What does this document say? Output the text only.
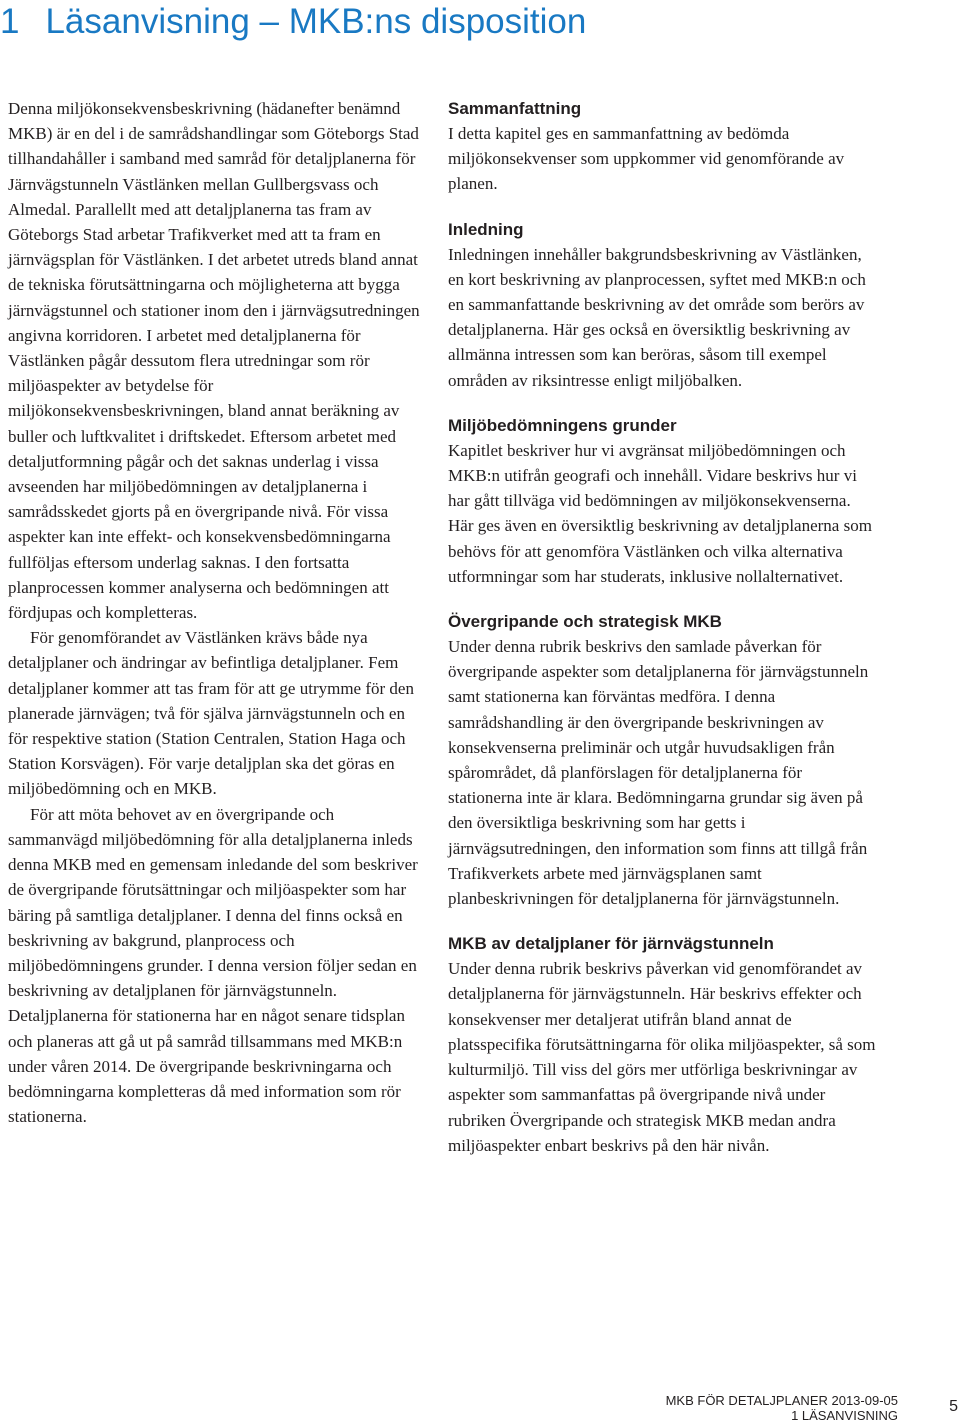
1 Läsanvisning – MKB:ns disposition

Denna miljökonsekvensbeskrivning (hädanefter benämnd MKB) är en del i de samrådshandlingar som Göteborgs Stad tillhandahåller i samband med samråd för detaljplanerna för Järnvägstunneln Västlänken mellan Gullbergsvass och Almedal. Parallellt med att detaljplanerna tas fram av Göteborgs Stad arbetar Trafikverket med att ta fram en järnvägsplan för Västlänken. I det arbetet utreds bland annat de tekniska förutsättningarna och möjligheterna att bygga järnvägstunnel och stationer inom den i järnvägsutredningen angivna korridoren. I arbetet med detaljplanerna för Västlänken pågår dessutom flera utredningar som rör miljöaspekter av betydelse för miljökonsekvensbeskrivningen, bland annat beräkning av buller och luftkvalitet i driftskedet. Eftersom arbetet med detaljutformning pågår och det saknas underlag i vissa avseenden har miljöbedömningen av detaljplanerna i samrådsskedet gjorts på en övergripande nivå. För vissa aspekter kan inte effekt- och konsekvensbedömningarna fullföljas eftersom underlag saknas. I den fortsatta planprocessen kommer analyserna och bedömningen att fördjupas och kompletteras.

För genomförandet av Västlänken krävs både nya detaljplaner och ändringar av befintliga detaljplaner. Fem detaljplaner kommer att tas fram för att ge utrymme för den planerade järnvägen; två för själva järnvägstunneln och en för respektive station (Station Centralen, Station Haga och Station Korsvägen). För varje detaljplan ska det göras en miljöbedömning och en MKB.

För att möta behovet av en övergripande och sammanvägd miljöbedömning för alla detaljplanerna inleds denna MKB med en gemensam inledande del som beskriver de övergripande förutsättningar och miljöaspekter som har bäring på samtliga detaljplaner. I denna del finns också en beskrivning av bakgrund, planprocess och miljöbedömningens grunder. I denna version följer sedan en beskrivning av detaljplanen för järnvägstunneln. Detaljplanerna för stationerna har en något senare tidsplan och planeras att gå ut på samråd tillsammans med MKB:n under våren 2014. De övergripande beskrivningarna och bedömningarna kompletteras då med information som rör stationerna.

Sammanfattning

I detta kapitel ges en sammanfattning av bedömda miljökonsekvenser som uppkommer vid genomförande av planen.

Inledning

Inledningen innehåller bakgrundsbeskrivning av Västlänken, en kort beskrivning av planprocessen, syftet med MKB:n och en sammanfattande beskrivning av det område som berörs av detaljplanerna. Här ges också en översiktlig beskrivning av allmänna intressen som kan beröras, såsom till exempel områden av riksintresse enligt miljöbalken.

Miljöbedömningens grunder

Kapitlet beskriver hur vi avgränsat miljöbedömningen och MKB:n utifrån geografi och innehåll. Vidare beskrivs hur vi har gått tillväga vid bedömningen av miljökonsekvenserna. Här ges även en översiktlig beskrivning av detaljplanerna som behövs för att genomföra Västlänken och vilka alternativa utformningar som har studerats, inklusive nollalternativet.

Övergripande och strategisk MKB

Under denna rubrik beskrivs den samlade påverkan för övergripande aspekter som detaljplanerna för järnvägstunneln samt stationerna kan förväntas medföra. I denna samrådshandling är den övergripande beskrivningen av konsekvenserna preliminär och utgår huvudsakligen från spårområdet, då planförslagen för detaljplanerna för stationerna inte är klara. Bedömningarna grundar sig även på den översiktliga beskrivning som har getts i järnvägsutredningen, den information som finns att tillgå från Trafikverkets arbete med järnvägsplanen samt planbeskrivningen för detaljplanerna för järnvägstunneln.

MKB av detaljplaner för järnvägstunneln

Under denna rubrik beskrivs påverkan vid genomförandet av detaljplanerna för järnvägstunneln. Här beskrivs effekter och konsekvenser mer detaljerat utifrån bland annat de platsspecifika förutsättningarna för olika miljöaspekter, så som kulturmiljö. Till viss del görs mer utförliga beskrivningar av aspekter som sammanfattas på övergripande nivå under rubriken Övergripande och strategisk MKB medan andra miljöaspekter enbart beskrivs på den här nivån.

MKB FÖR DETALJPLANER 2013-09-05
1 LÄSANVISNING
5
